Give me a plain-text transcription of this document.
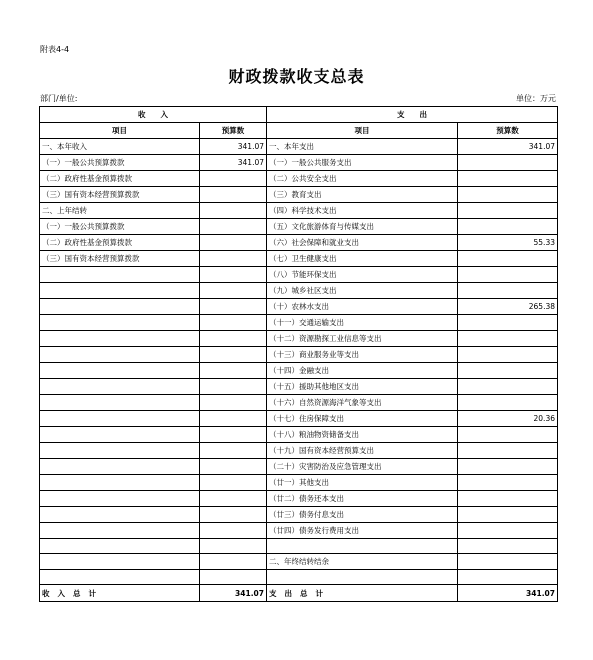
附表4-4
财政拨款收支总表
部门/单位:	单位：万元
收　　入		支　　出	
项目	预算数	项目	预算数
一、本年收入	341.07	一、本年支出	341.07
（一）一般公共预算拨款	341.07	（一）一般公共服务支出	
（二）政府性基金预算拨款		（二）公共安全支出	
（三）国有资本经营预算拨款		（三）教育支出	
二、上年结转		（四）科学技术支出	
（一）一般公共预算拨款		（五）文化旅游体育与传媒支出	
（二）政府性基金预算拨款		（六）社会保障和就业支出	55.33
（三）国有资本经营预算拨款		（七）卫生健康支出	
		（八）节能环保支出	
		（九）城乡社区支出	
		（十）农林水支出	265.38
		（十一）交通运输支出	
		（十二）资源勘探工业信息等支出	
		（十三）商业服务业等支出	
		（十四）金融支出	
		（十五）援助其他地区支出	
		（十六）自然资源海洋气象等支出	
		（十七）住房保障支出	20.36
		（十八）粮油物资储备支出	
		（十九）国有资本经营预算支出	
		（二十）灾害防治及应急管理支出	
		（廿一）其他支出	
		（廿二）债务还本支出	
		（廿三）债务付息支出	
		（廿四）债务发行费用支出	

		二、年终结转结余	

收入总计	341.07	支出总计	341.07
